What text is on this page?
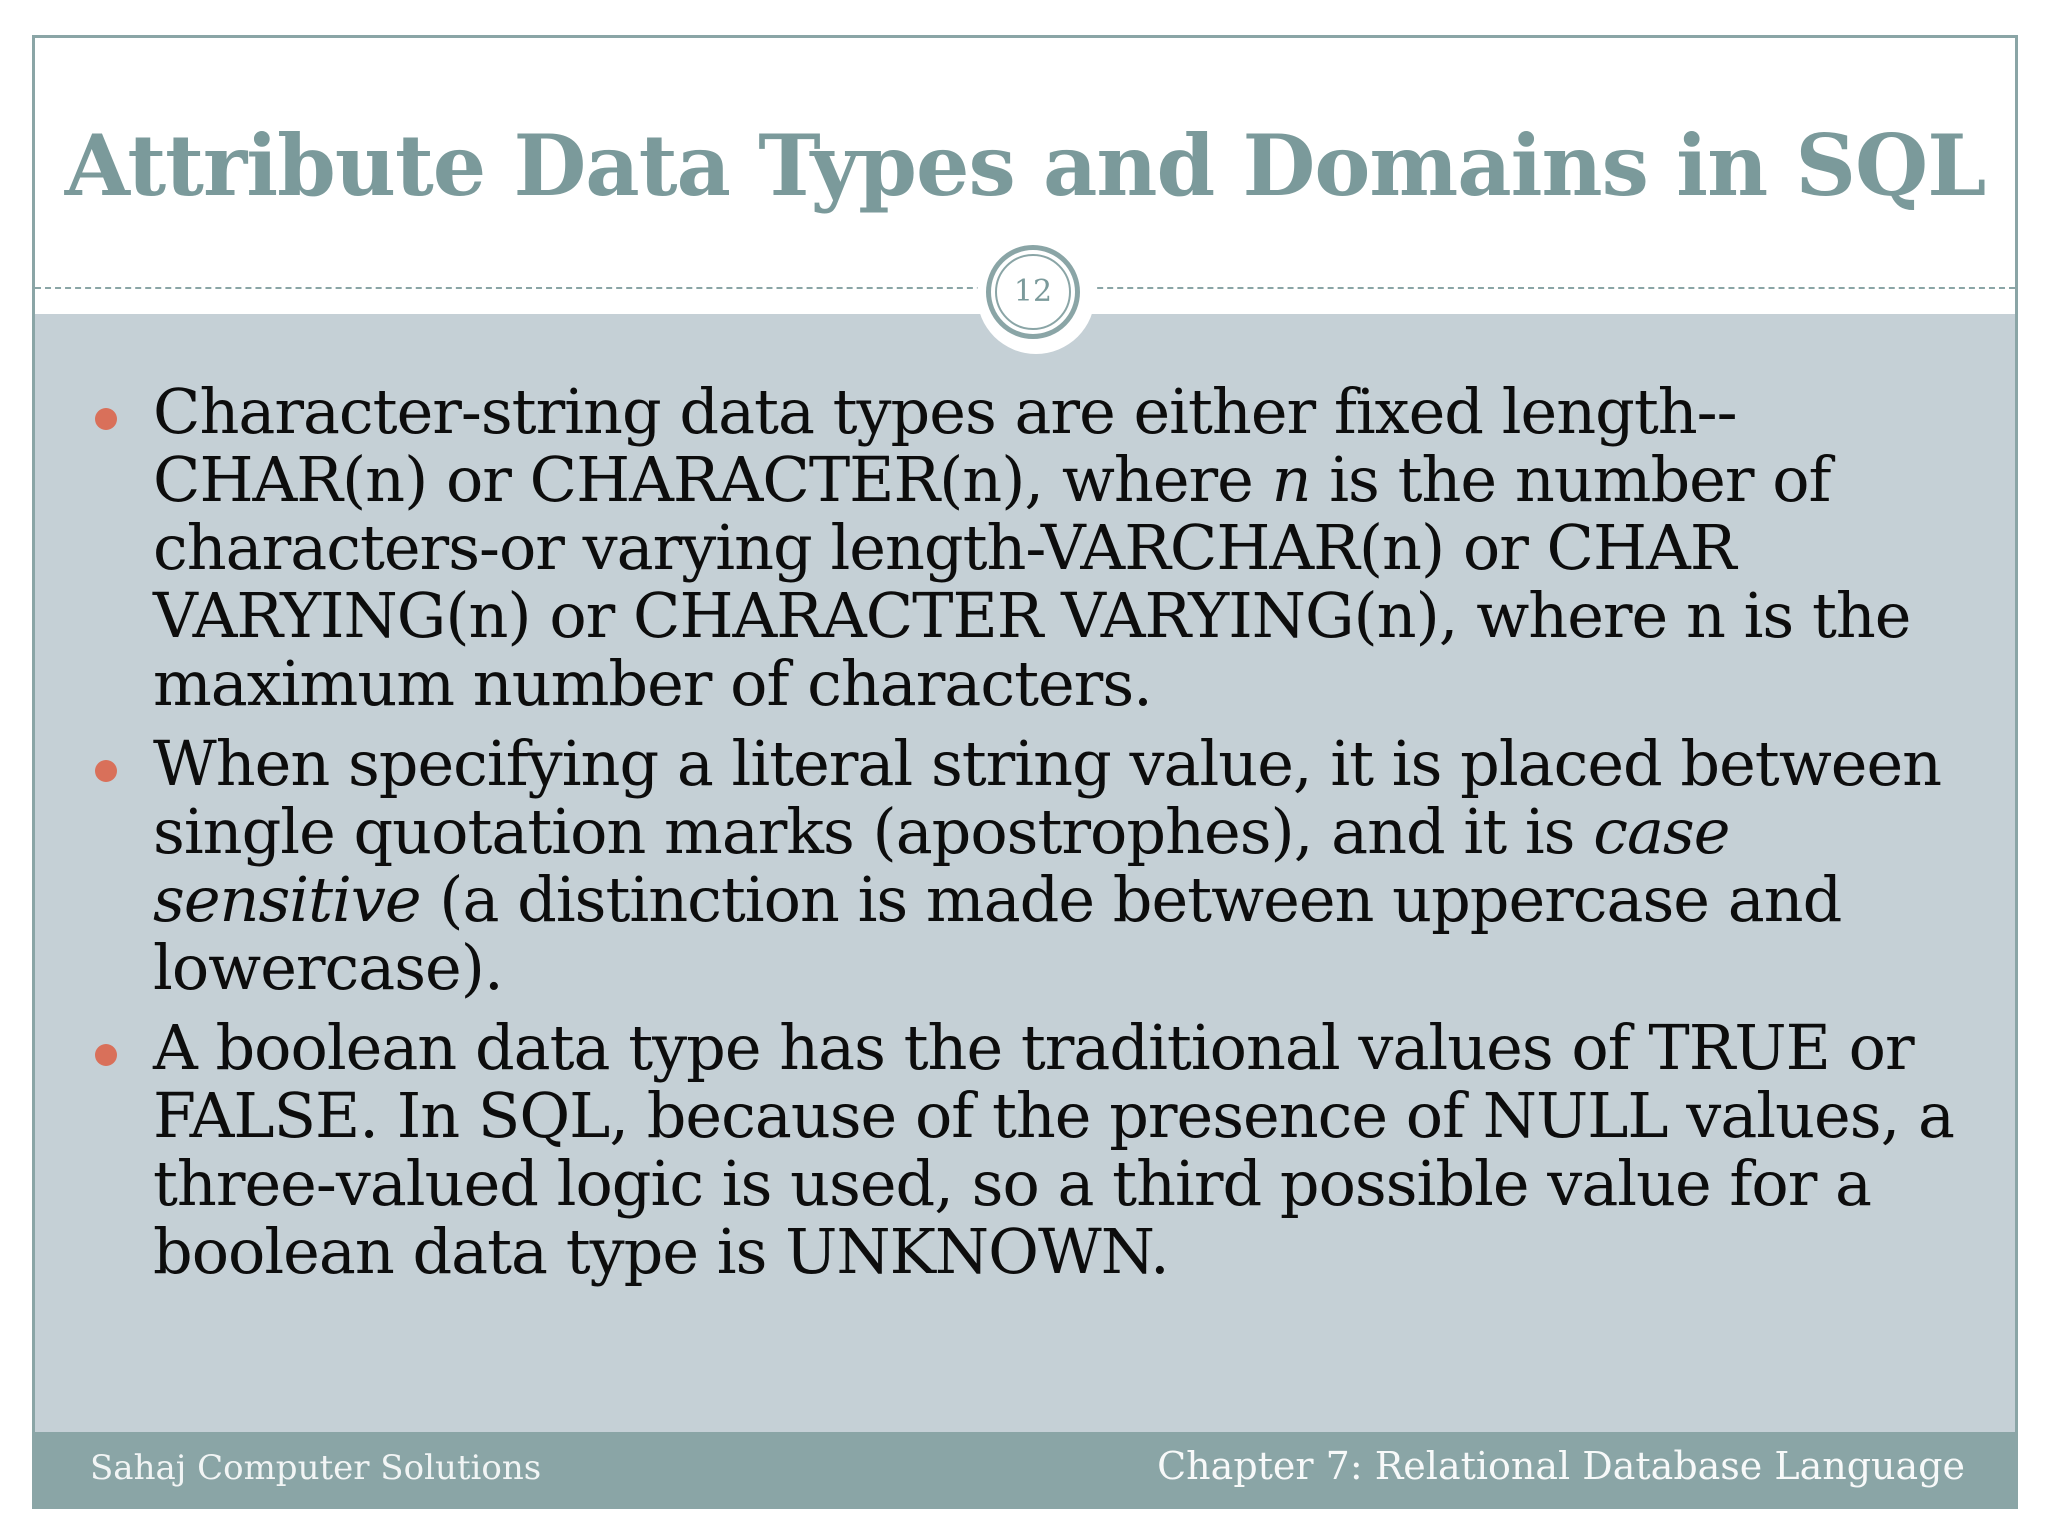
Attribute Data Types and Domains in SQL
12
Character-string data types are either fixed length--CHAR(n) or CHARACTER(n), where n is the number of characters-or varying length-VARCHAR(n) or CHAR VARYING(n) or CHARACTER VARYING(n), where n is the maximum number of characters.
When specifying a literal string value, it is placed between single quotation marks (apostrophes), and it is case sensitive (a distinction is made between uppercase and lowercase).
A boolean data type has the traditional values of TRUE or FALSE. In SQL, because of the presence of NULL values, a three-valued logic is used, so a third possible value for a boolean data type is UNKNOWN.
Sahaj Computer Solutions	Chapter 7: Relational Database Language
